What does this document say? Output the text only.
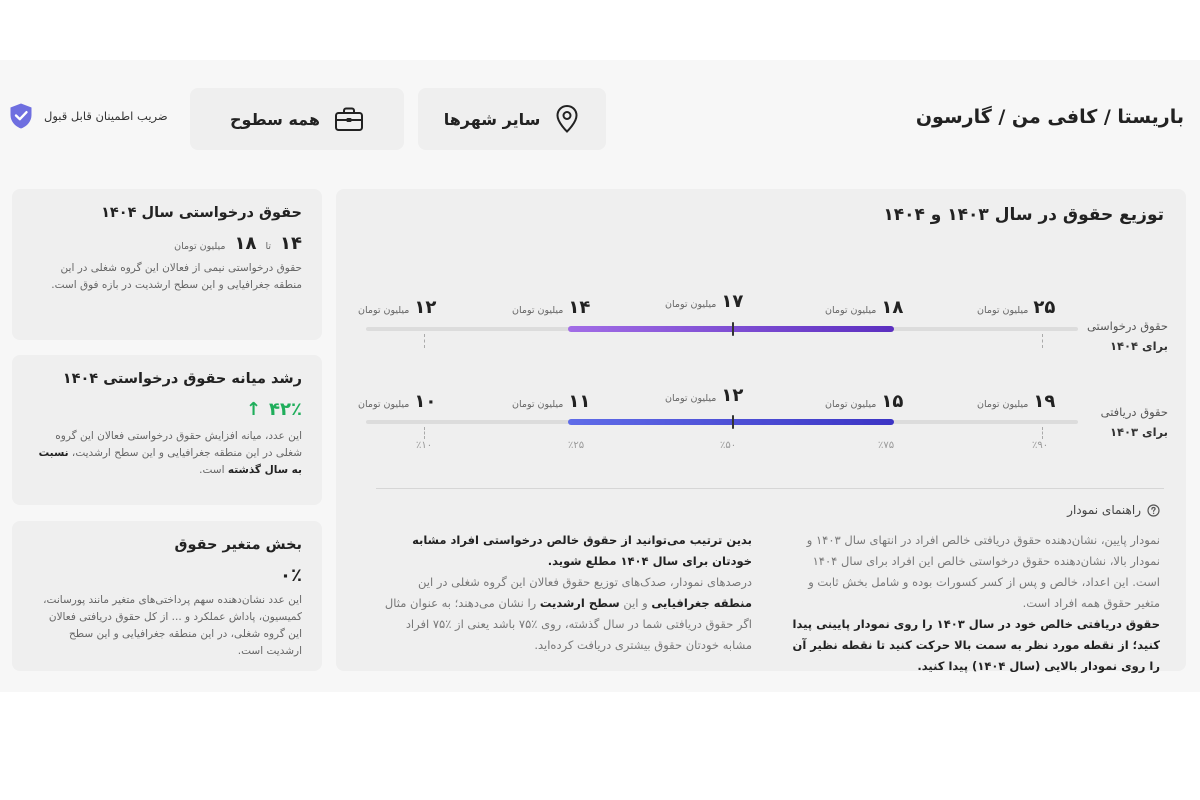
باریستا / کافی من / گارسون
سایر شهرها
همه سطوح
ضریب اطمینان قابل قبول
حقوق درخواستی سال ۱۴۰۴
۱۴
تا
۱۸
میلیون تومان

حقوق درخواستی نیمی از فعالان این گروه شغلی در این منطقه جغرافیایی و این سطح ارشدیت در بازه فوق است.

رشد میانه حقوق درخواستی ۱۴۰۴
۴۲٪
↑

این عدد، میانه افزایش حقوق درخواستی فعالان این گروه شغلی در این منطقه جغرافیایی و این سطح ارشدیت، نسبت به سال گذشته است.

بخش متغیر حقوق
۰٪

این عدد نشان‌دهنده سهم پرداختی‌های متغیر مانند پورسانت، کمیسیون، پاداش عملکرد و ... از کل حقوق دریافتی فعالان این گروه شغلی، در این منطقه جغرافیایی و این سطح ارشدیت است.

توزیع حقوق در سال ۱۴۰۳ و ۱۴۰۴
حقوق درخواستی
برای ۱۴۰۴
حقوق دریافتی
برای ۱۴۰۳
۱۲
میلیون تومان	۱۴
میلیون تومان	۱۷
میلیون تومان	۱۸
میلیون تومان	۲۵
میلیون تومان
۱۰
میلیون تومان	۱۱
میلیون تومان	۱۲
میلیون تومان	۱۵
میلیون تومان	۱۹
میلیون تومان
٪۱۰	٪۲۵	٪۵۰	٪۷۵	٪۹۰
راهنمای نمودار

نمودار پایین، نشان‌دهنده حقوق دریافتی خالص افراد در انتهای سال ۱۴۰۳ و نمودار بالا، نشان‌دهنده حقوق درخواستی خالص این افراد برای سال ۱۴۰۴ است. این اعداد، خالص و پس از کسر کسورات بوده و شامل بخش ثابت و متغیر حقوق همه افراد است.

حقوق دریافتی خالص خود در سال ۱۴۰۳ را روی نمودار پایینی پیدا کنید؛ از نقطه مورد نظر به سمت بالا حرکت کنید تا نقطه نظیر آن را روی نمودار بالایی (سال ۱۴۰۴) پیدا کنید.

بدین ترتیب می‌توانید از حقوق خالص درخواستی افراد مشابه خودتان برای سال ۱۴۰۴ مطلع شوید.

درصدهای نمودار، صدک‌های توزیع حقوق فعالان این گروه شغلی در این منطقه جغرافیایی و این سطح ارشدیت را نشان می‌دهند؛ به عنوان مثال اگر حقوق دریافتی شما در سال گذشته، روی ٪۷۵ باشد یعنی از ٪۷۵ افراد مشابه خودتان حقوق بیشتری دریافت کرده‌اید.
